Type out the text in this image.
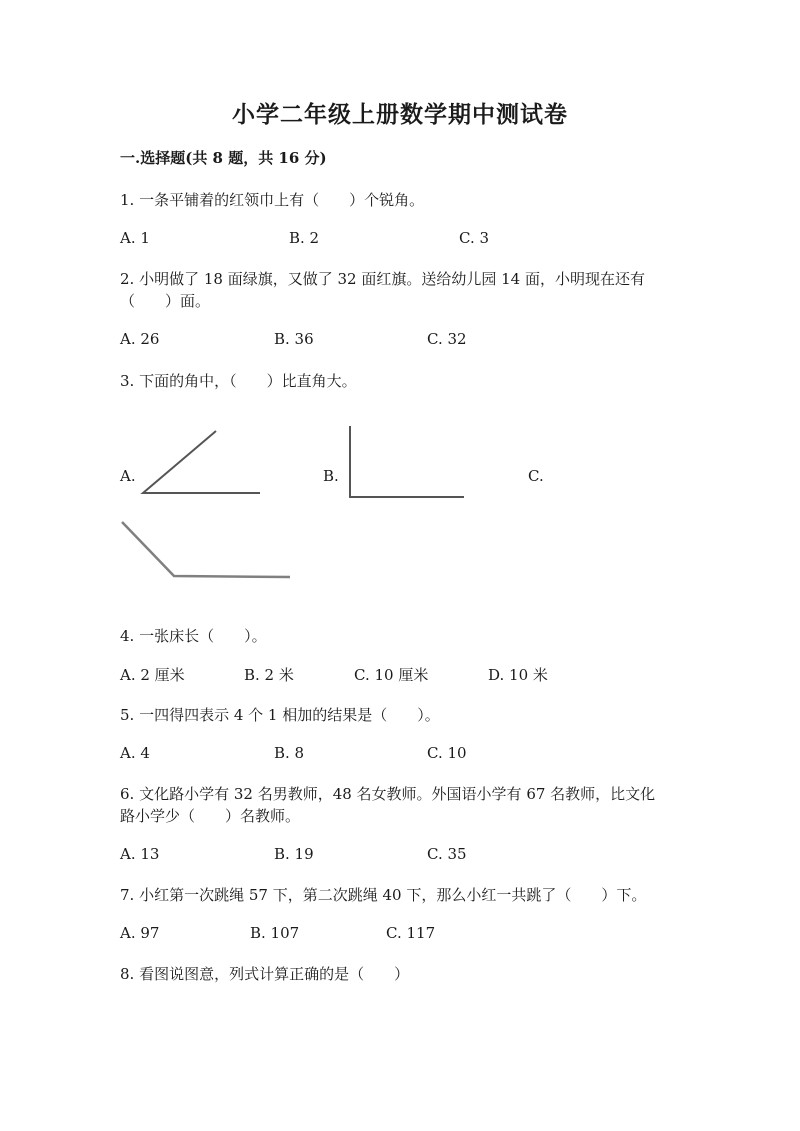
小学二年级上册数学期中测试卷
一.选择题(共 8 题，共 16 分)
1. 一条平铺着的红领巾上有（　　）个锐角。
A. 1	B. 2	C. 3
2. 小明做了 18 面绿旗，又做了 32 面红旗。送给幼儿园 14 面，小明现在还有
（　　）面。
A. 26	B. 36	C. 32
3. 下面的角中，（　　）比直角大。
A.	B.	C.
4. 一张床长（　　）。
A. 2 厘米	B. 2 米	C. 10 厘米	D. 10 米
5. 一四得四表示 4 个 1 相加的结果是（　　）。
A. 4	B. 8	C. 10
6. 文化路小学有 32 名男教师，48 名女教师。外国语小学有 67 名教师，比文化
路小学少（　　）名教师。
A. 13	B. 19	C. 35
7. 小红第一次跳绳 57 下，第二次跳绳 40 下，那么小红一共跳了（　　）下。
A. 97	B. 107	C. 117
8. 看图说图意，列式计算正确的是（　　）
